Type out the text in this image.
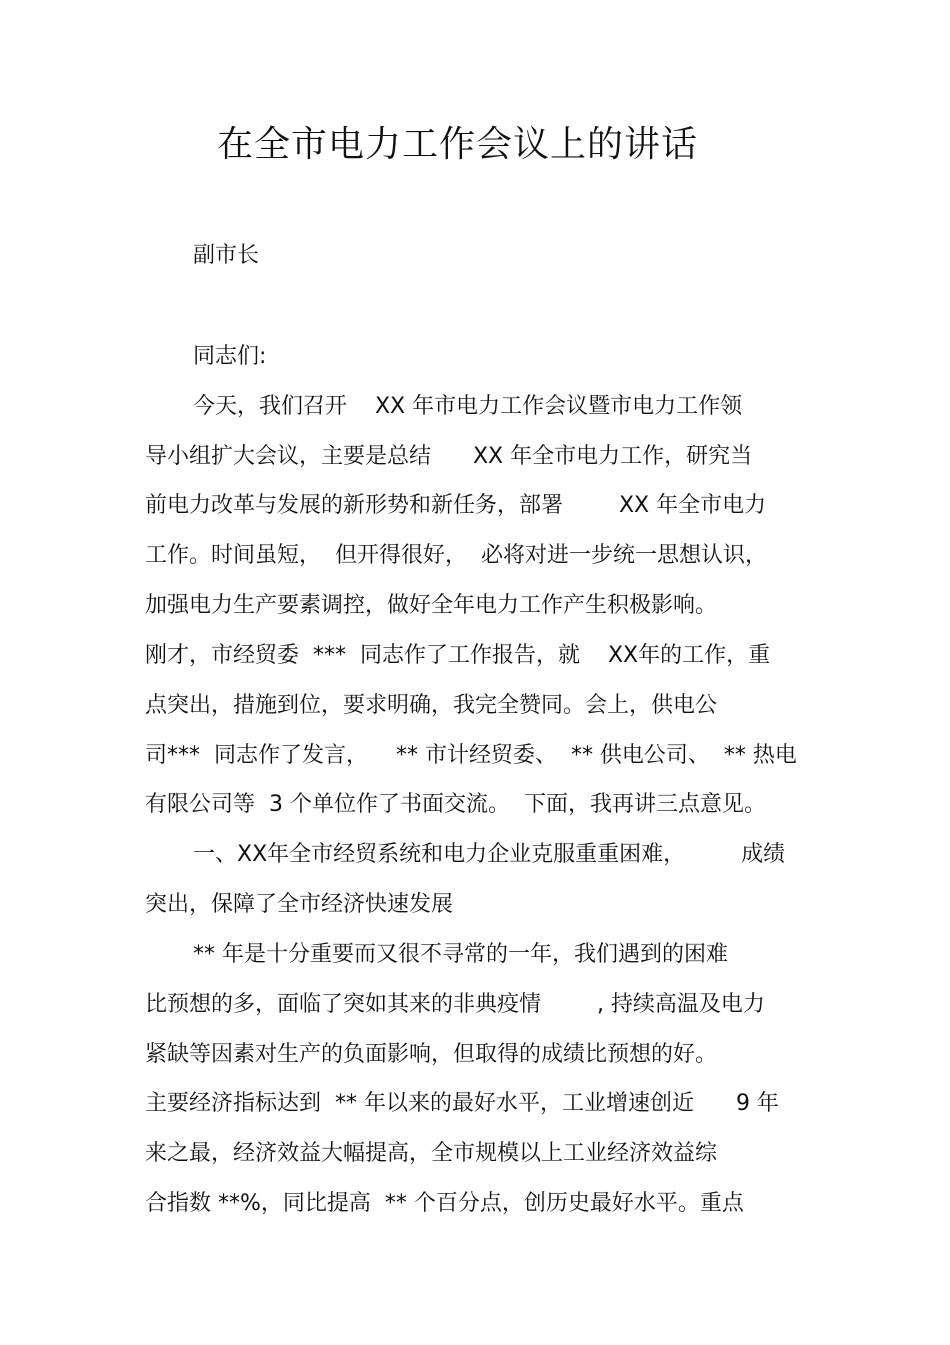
在全市电力工作会议上的讲话
副市长
同志们:
今天，我们召开    XX 年市电力工作会议暨市电力工作领
导小组扩大会议，主要是总结      XX 年全市电力工作，研究当
前电力改革与发展的新形势和新任务，部署        XX 年全市电力
工作。时间虽短，  但开得很好，  必将对进一步统一思想认识，
加强电力生产要素调控，做好全年电力工作产生积极影响。
刚才，市经贸委  ***  同志作了工作报告，就    XX年的工作，重
点突出，措施到位，要求明确，我完全赞同。会上，供电公
司***  同志作了发言，    ** 市计经贸委、  ** 供电公司、  ** 热电
有限公司等  3 个单位作了书面交流。  下面，我再讲三点意见。
一、XX年全市经贸系统和电力企业克服重重困难，        成绩
突出，保障了全市经济快速发展
** 年是十分重要而又很不寻常的一年，我们遇到的困难
比预想的多，面临了突如其来的非典疫情        , 持续高温及电力
紧缺等因素对生产的负面影响，但取得的成绩比预想的好。
主要经济指标达到  ** 年以来的最好水平，工业增速创近      9 年
来之最，经济效益大幅提高，全市规模以上工业经济效益综
合指数 **%，同比提高  ** 个百分点，创历史最好水平。重点
